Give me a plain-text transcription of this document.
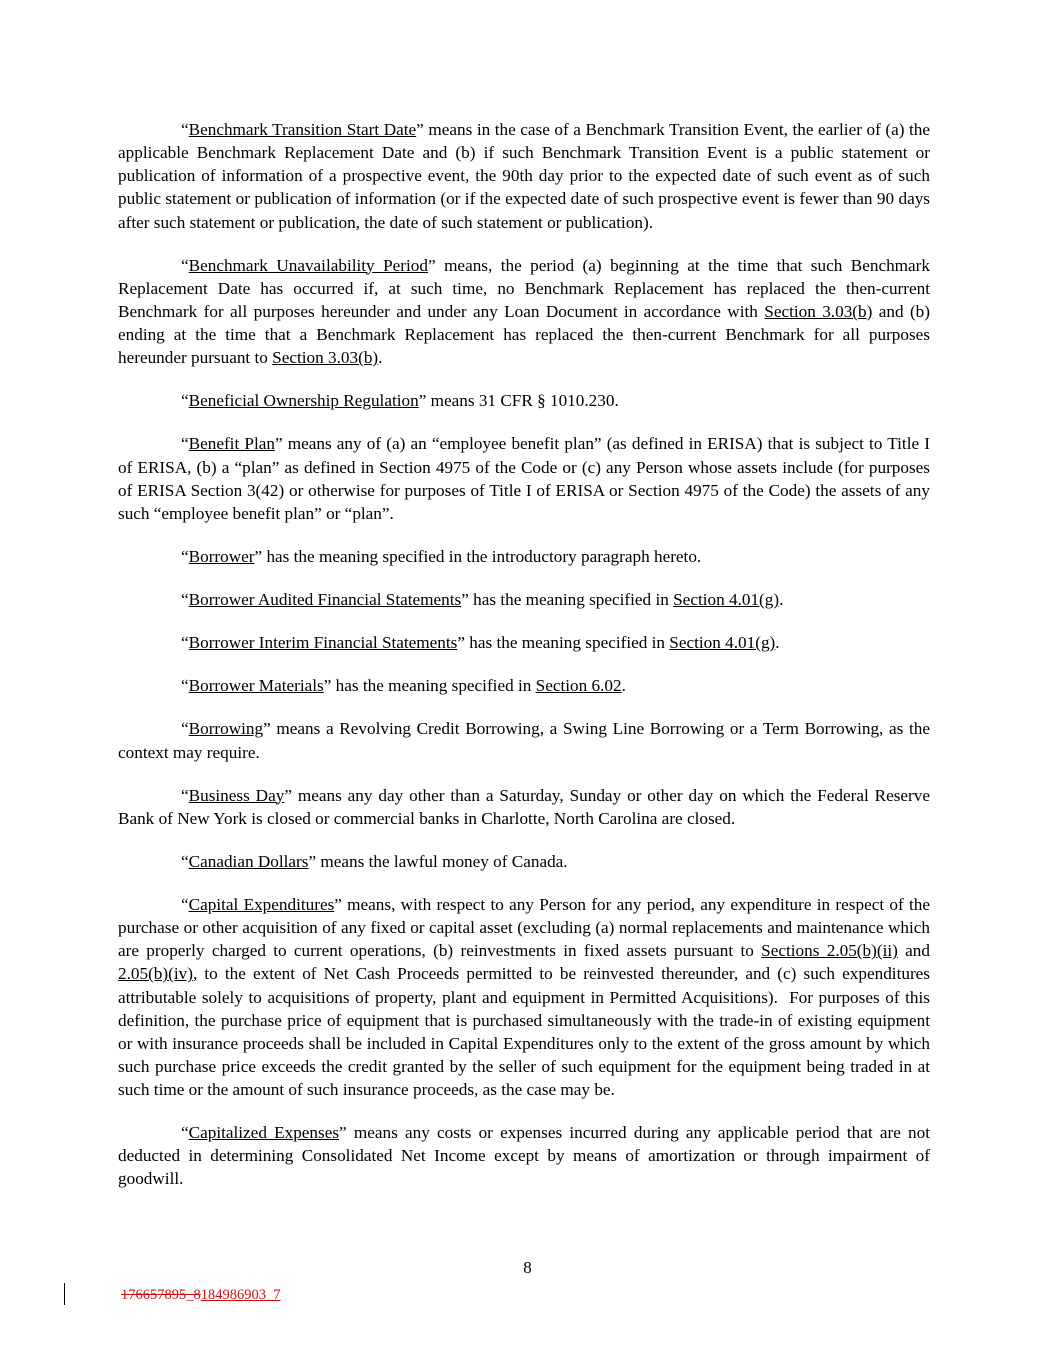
“Benchmark Transition Start Date” means in the case of a Benchmark Transition Event, the earlier of (a) the applicable Benchmark Replacement Date and (b) if such Benchmark Transition Event is a public statement or publication of information of a prospective event, the 90th day prior to the expected date of such event as of such public statement or publication of information (or if the expected date of such prospective event is fewer than 90 days after such statement or publication, the date of such statement or publication).

“Benchmark Unavailability Period” means, the period (a) beginning at the time that such Benchmark Replacement Date has occurred if, at such time, no Benchmark Replacement has replaced the then-current Benchmark for all purposes hereunder and under any Loan Document in accordance with Section 3.03(b) and (b) ending at the time that a Benchmark Replacement has replaced the then-current Benchmark for all purposes hereunder pursuant to Section 3.03(b).

“Beneficial Ownership Regulation” means 31 CFR § 1010.230.

“Benefit Plan” means any of (a) an “employee benefit plan” (as defined in ERISA) that is subject to Title I of ERISA, (b) a “plan” as defined in Section 4975 of the Code or (c) any Person whose assets include (for purposes of ERISA Section 3(42) or otherwise for purposes of Title I of ERISA or Section 4975 of the Code) the assets of any such “employee benefit plan” or “plan”.

“Borrower” has the meaning specified in the introductory paragraph hereto.

“Borrower Audited Financial Statements” has the meaning specified in Section 4.01(g).

“Borrower Interim Financial Statements” has the meaning specified in Section 4.01(g).

“Borrower Materials” has the meaning specified in Section 6.02.

“Borrowing” means a Revolving Credit Borrowing, a Swing Line Borrowing or a Term Borrowing, as the context may require.

“Business Day” means any day other than a Saturday, Sunday or other day on which the Federal Reserve Bank of New York is closed or commercial banks in Charlotte, North Carolina are closed.

“Canadian Dollars” means the lawful money of Canada.

“Capital Expenditures” means, with respect to any Person for any period, any expenditure in respect of the purchase or other acquisition of any fixed or capital asset (excluding (a) normal replacements and maintenance which are properly charged to current operations, (b) reinvestments in fixed assets pursuant to Sections 2.05(b)(ii) and 2.05(b)(iv), to the extent of Net Cash Proceeds permitted to be reinvested thereunder, and (c) such expenditures attributable solely to acquisitions of property, plant and equipment in Permitted Acquisitions).  For purposes of this definition, the purchase price of equipment that is purchased simultaneously with the trade-in of existing equipment or with insurance proceeds shall be included in Capital Expenditures only to the extent of the gross amount by which such purchase price exceeds the credit granted by the seller of such equipment for the equipment being traded in at such time or the amount of such insurance proceeds, as the case may be.

“Capitalized Expenses” means any costs or expenses incurred during any applicable period that are not deducted in determining Consolidated Net Income except by means of amortization or through impairment of goodwill.

8
176657895_8184986903_7
